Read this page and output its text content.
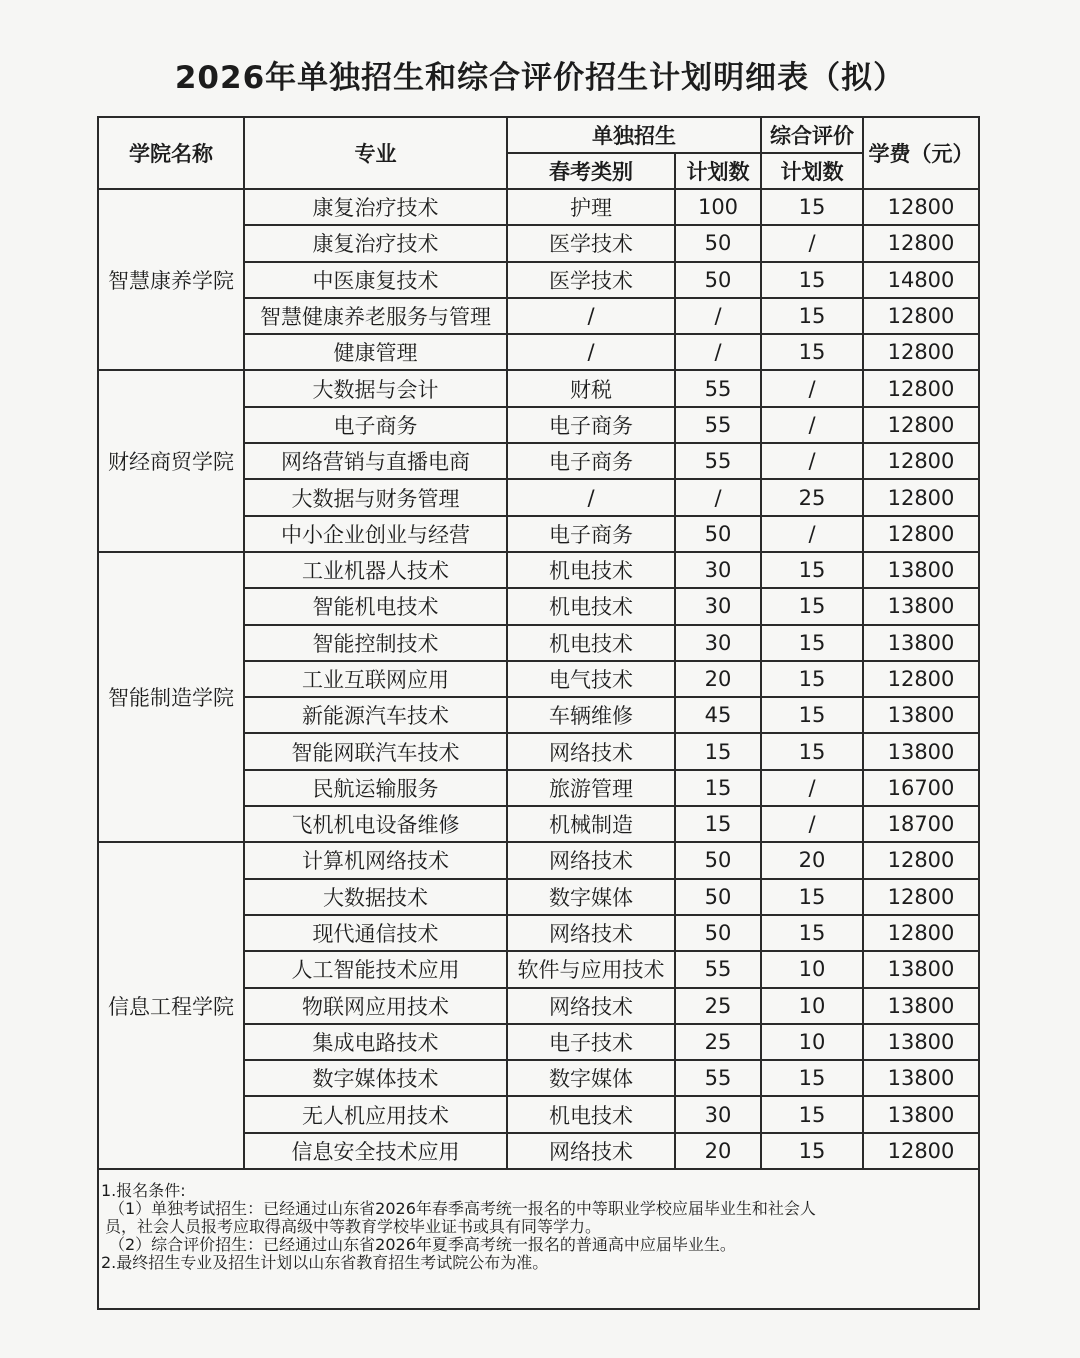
2026年单独招生和综合评价招生计划明细表（拟）
学院名称	专业	单独招生		综合评价	学费（元）
		春考类别	计划数	计划数	
智慧康养学院	康复治疗技术	护理	100	15	12800
	康复治疗技术	医学技术	50	/	12800
	中医康复技术	医学技术	50	15	14800
	智慧健康养老服务与管理	/	/	15	12800
	健康管理	/	/	15	12800
财经商贸学院	大数据与会计	财税	55	/	12800
	电子商务	电子商务	55	/	12800
	网络营销与直播电商	电子商务	55	/	12800
	大数据与财务管理	/	/	25	12800
	中小企业创业与经营	电子商务	50	/	12800
智能制造学院	工业机器人技术	机电技术	30	15	13800
	智能机电技术	机电技术	30	15	13800
	智能控制技术	机电技术	30	15	13800
	工业互联网应用	电气技术	20	15	12800
	新能源汽车技术	车辆维修	45	15	13800
	智能网联汽车技术	网络技术	15	15	13800
	民航运输服务	旅游管理	15	/	16700
	飞机机电设备维修	机械制造	15	/	18700
信息工程学院	计算机网络技术	网络技术	50	20	12800
	大数据技术	数字媒体	50	15	12800
	现代通信技术	网络技术	50	15	12800
	人工智能技术应用	软件与应用技术	55	10	13800
	物联网应用技术	网络技术	25	10	13800
	集成电路技术	电子技术	25	10	13800
	数字媒体技术	数字媒体	55	15	13800
	无人机应用技术	机电技术	30	15	13800
	信息安全技术应用	网络技术	20	15	12800
1.报名条件:
（1）单独考试招生：已经通过山东省2026年春季高考统一报名的中等职业学校应届毕业生和社会人
员，社会人员报考应取得高级中等教育学校毕业证书或具有同等学力。
（2）综合评价招生：已经通过山东省2026年夏季高考统一报名的普通高中应届毕业生。
2.最终招生专业及招生计划以山东省教育招生考试院公布为准。
